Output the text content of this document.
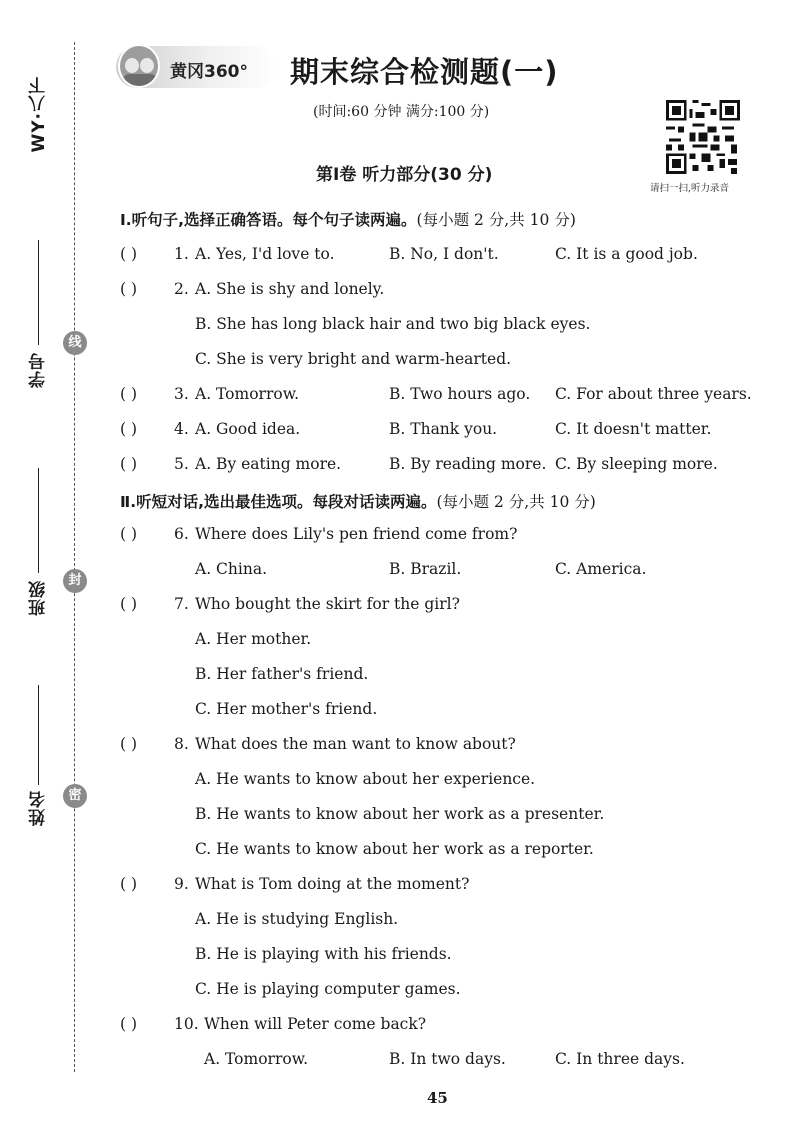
WY·八下
学号
班级
姓名
线
封
密
黄冈360° 期末综合检测题(一)
(时间:60 分钟 满分:100 分)
第Ⅰ卷 听力部分(30 分)
请扫一扫,听力录音
Ⅰ.听句子,选择正确答语。每个句子读两遍。(每小题 2 分,共 10 分)
( ) 1. A. Yes, I'd love to.	B. No, I don't.	C. It is a good job.
( ) 2. A. She is shy and lonely.
B. She has long black hair and two big black eyes.
C. She is very bright and warm-hearted.
( ) 3. A. Tomorrow.	B. Two hours ago. C. For about three years.
( ) 4. A. Good idea.	B. Thank you.	C. It doesn't matter.
( ) 5. A. By eating more.	B. By reading more. C. By sleeping more.
Ⅱ.听短对话,选出最佳选项。每段对话读两遍。(每小题 2 分,共 10 分)
( ) 6. Where does Lily's pen friend come from?
A. China.	B. Brazil.	C. America.
( ) 7. Who bought the skirt for the girl?
A. Her mother.
B. Her father's friend.
C. Her mother's friend.
( ) 8. What does the man want to know about?
A. He wants to know about her experience.
B. He wants to know about her work as a presenter.
C. He wants to know about her work as a reporter.
( ) 9. What is Tom doing at the moment?
A. He is studying English.
B. He is playing with his friends.
C. He is playing computer games.
( ) 10. When will Peter come back?
A. Tomorrow.	B. In two days.	C. In three days.
45
